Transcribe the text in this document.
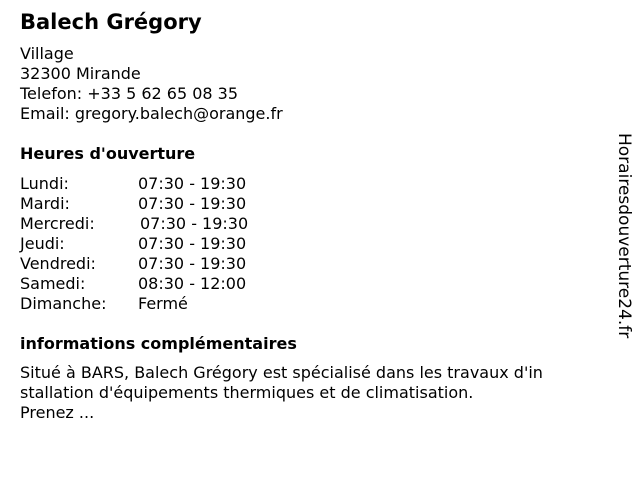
Balech Grégory
Village
32300 Mirande
Telefon: +33 5 62 65 08 35
Email: gregory.balech@orange.fr
Heures d'ouverture
Lundi:	07:30 - 19:30
Mardi:	07:30 - 19:30
Mercredi:	07:30 - 19:30
Jeudi:	07:30 - 19:30
Vendredi:	07:30 - 19:30
Samedi:	08:30 - 12:00
Dimanche: Fermé
informations complémentaires
Situé à BARS, Balech Grégory est spécialisé dans les travaux d'in
stallation d'équipements thermiques et de climatisation.
Prenez ...
Horairesdouverture24.fr
